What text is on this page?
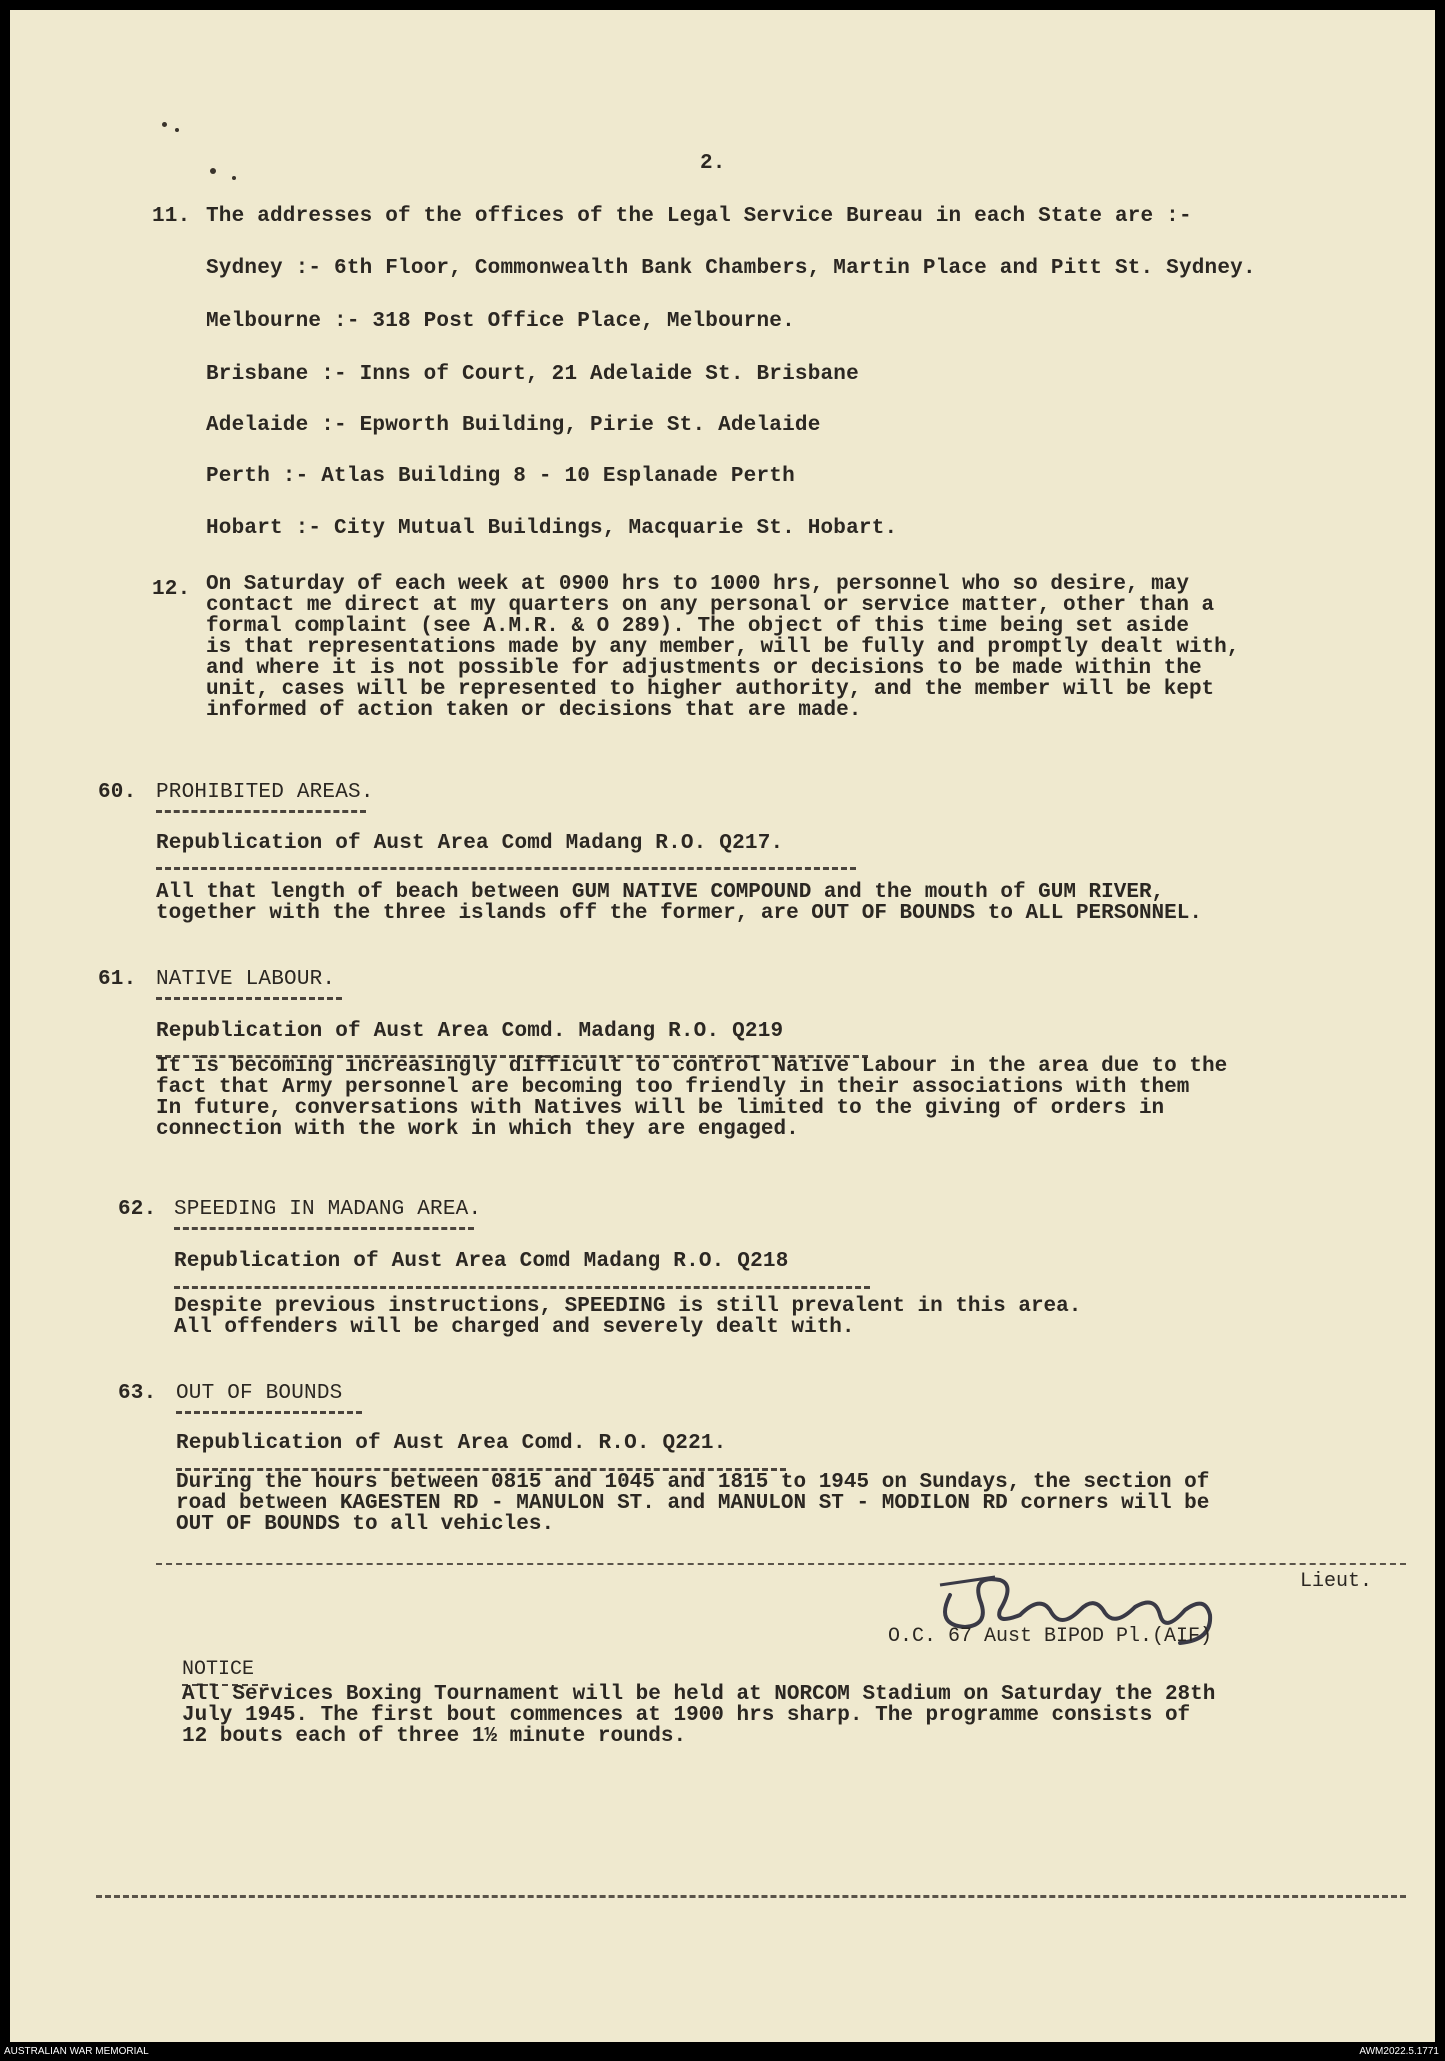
2.
11. The addresses of the offices of the Legal Service Bureau in each State are :-
Sydney :- 6th Floor, Commonwealth Bank Chambers, Martin Place and Pitt St. Sydney.
Melbourne :- 318 Post Office Place, Melbourne.
Brisbane :- Inns of Court, 21 Adelaide St. Brisbane
Adelaide :- Epworth Building, Pirie St. Adelaide
Perth :- Atlas Building 8 - 10 Esplanade Perth
Hobart :- City Mutual Buildings, Macquarie St. Hobart.
12. On Saturday of each week at 0900 hrs to 1000 hrs, personnel who so desire, may
contact me direct at my quarters on any personal or service matter, other than a
formal complaint (see A.M.R. & O 289). The object of this time being set aside
is that representations made by any member, will be fully and promptly dealt with,
and where it is not possible for adjustments or decisions to be made within the
unit, cases will be represented to higher authority, and the member will be kept
informed of action taken or decisions that are made.
60. PROHIBITED AREAS.
Republication of Aust Area Comd Madang R.O. Q217.
All that length of beach between GUM NATIVE COMPOUND and the mouth of GUM RIVER,
together with the three islands off the former, are OUT OF BOUNDS to ALL PERSONNEL.
61. NATIVE LABOUR.
Republication of Aust Area Comd. Madang R.O. Q219
It is becoming increasingly difficult to control Native Labour in the area due to the
fact that Army personnel are becoming too friendly in their associations with them
In future, conversations with Natives will be limited to the giving of orders in
connection with the work in which they are engaged.
62. SPEEDING IN MADANG AREA.
Republication of Aust Area Comd Madang R.O. Q218
Despite previous instructions, SPEEDING is still prevalent in this area.
All offenders will be charged and severely dealt with.
63. OUT OF BOUNDS
Republication of Aust Area Comd. R.O. Q221.
During the hours between 0815 and 1045 and 1815 to 1945 on Sundays, the section of
road between KAGESTEN RD - MANULON ST. and MANULON ST - MODILON RD corners will be
OUT OF BOUNDS to all vehicles.
Lieut.
O.C. 67 Aust BIPOD Pl.(AIF)
NOTICE
All Services Boxing Tournament will be held at NORCOM Stadium on Saturday the 28th
July 1945. The first bout commences at 1900 hrs sharp. The programme consists of
12 bouts each of three 1½ minute rounds.
AUSTRALIAN WAR MEMORIAL	AWM2022.5.1771
